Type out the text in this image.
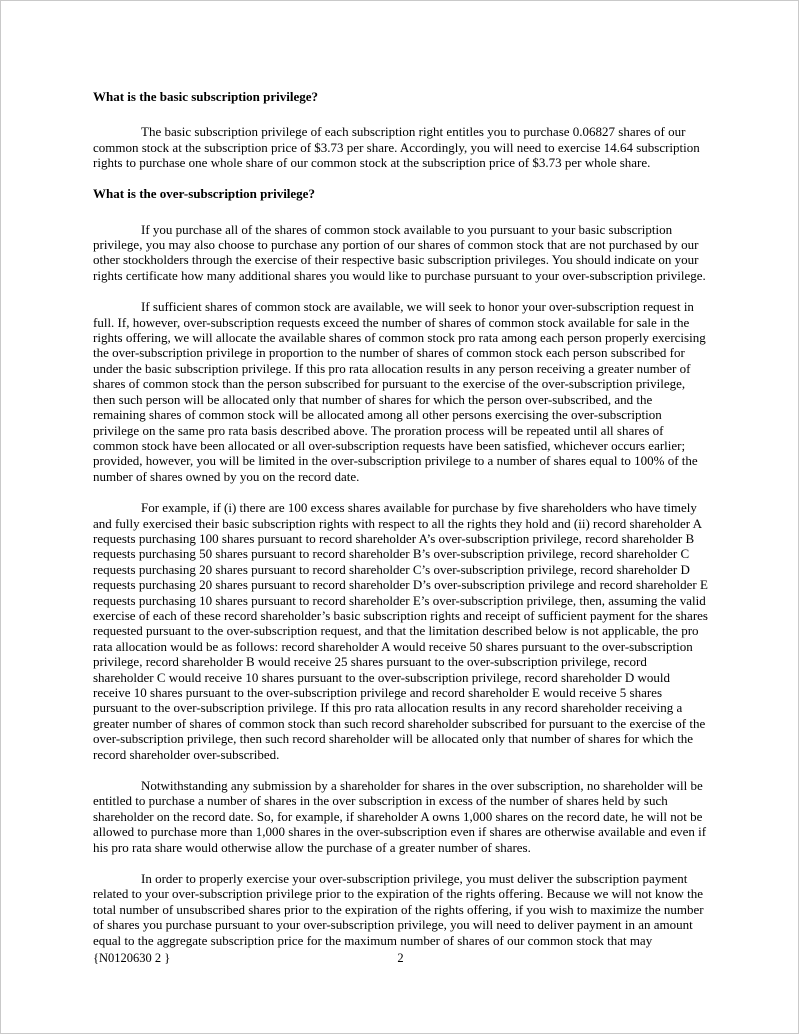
What is the basic subscription privilege?

The basic subscription privilege of each subscription right entitles you to purchase 0.06827 shares of our common stock at the subscription price of $3.73 per share. Accordingly, you will need to exercise 14.64 subscription rights to purchase one whole share of our common stock at the subscription price of $3.73 per whole share.

What is the over-subscription privilege?

If you purchase all of the shares of common stock available to you pursuant to your basic subscription privilege, you may also choose to purchase any portion of our shares of common stock that are not purchased by our other stockholders through the exercise of their respective basic subscription privileges. You should indicate on your rights certificate how many additional shares you would like to purchase pursuant to your over-subscription privilege.

If sufficient shares of common stock are available, we will seek to honor your over-subscription request in full. If, however, over-subscription requests exceed the number of shares of common stock available for sale in the rights offering, we will allocate the available shares of common stock pro rata among each person properly exercising the over-subscription privilege in proportion to the number of shares of common stock each person subscribed for under the basic subscription privilege. If this pro rata allocation results in any person receiving a greater number of shares of common stock than the person subscribed for pursuant to the exercise of the over-subscription privilege, then such person will be allocated only that number of shares for which the person over-subscribed, and the remaining shares of common stock will be allocated among all other persons exercising the over-subscription privilege on the same pro rata basis described above. The proration process will be repeated until all shares of common stock have been allocated or all over-subscription requests have been satisfied, whichever occurs earlier; provided, however, you will be limited in the over-subscription privilege to a number of shares equal to 100% of the number of shares owned by you on the record date.

For example, if (i) there are 100 excess shares available for purchase by five shareholders who have timely and fully exercised their basic subscription rights with respect to all the rights they hold and (ii) record shareholder A requests purchasing 100 shares pursuant to record shareholder A’s over-subscription privilege, record shareholder B requests purchasing 50 shares pursuant to record shareholder B’s over-subscription privilege, record shareholder C requests purchasing 20 shares pursuant to record shareholder C’s over-subscription privilege, record shareholder D requests purchasing 20 shares pursuant to record shareholder D’s over-subscription privilege and record shareholder E requests purchasing 10 shares pursuant to record shareholder E’s over-subscription privilege, then, assuming the valid exercise of each of these record shareholder’s basic subscription rights and receipt of sufficient payment for the shares requested pursuant to the over-subscription request, and that the limitation described below is not applicable, the pro rata allocation would be as follows: record shareholder A would receive 50 shares pursuant to the over-subscription privilege, record shareholder B would receive 25 shares pursuant to the over-subscription privilege, record shareholder C would receive 10 shares pursuant to the over-subscription privilege, record shareholder D would receive 10 shares pursuant to the over-subscription privilege and record shareholder E would receive 5 shares pursuant to the over-subscription privilege. If this pro rata allocation results in any record shareholder receiving a greater number of shares of common stock than such record shareholder subscribed for pursuant to the exercise of the over-subscription privilege, then such record shareholder will be allocated only that number of shares for which the record shareholder over-subscribed.

Notwithstanding any submission by a shareholder for shares in the over subscription, no shareholder will be entitled to purchase a number of shares in the over subscription in excess of the number of shares held by such shareholder on the record date. So, for example, if shareholder A owns 1,000 shares on the record date, he will not be allowed to purchase more than 1,000 shares in the over-subscription even if shares are otherwise available and even if his pro rata share would otherwise allow the purchase of a greater number of shares.

In order to properly exercise your over-subscription privilege, you must deliver the subscription payment related to your over-subscription privilege prior to the expiration of the rights offering. Because we will not know the total number of unsubscribed shares prior to the expiration of the rights offering, if you wish to maximize the number of shares you purchase pursuant to your over-subscription privilege, you will need to deliver payment in an amount equal to the aggregate subscription price for the maximum number of shares of our common stock that may

{N0120630 2 }	2
